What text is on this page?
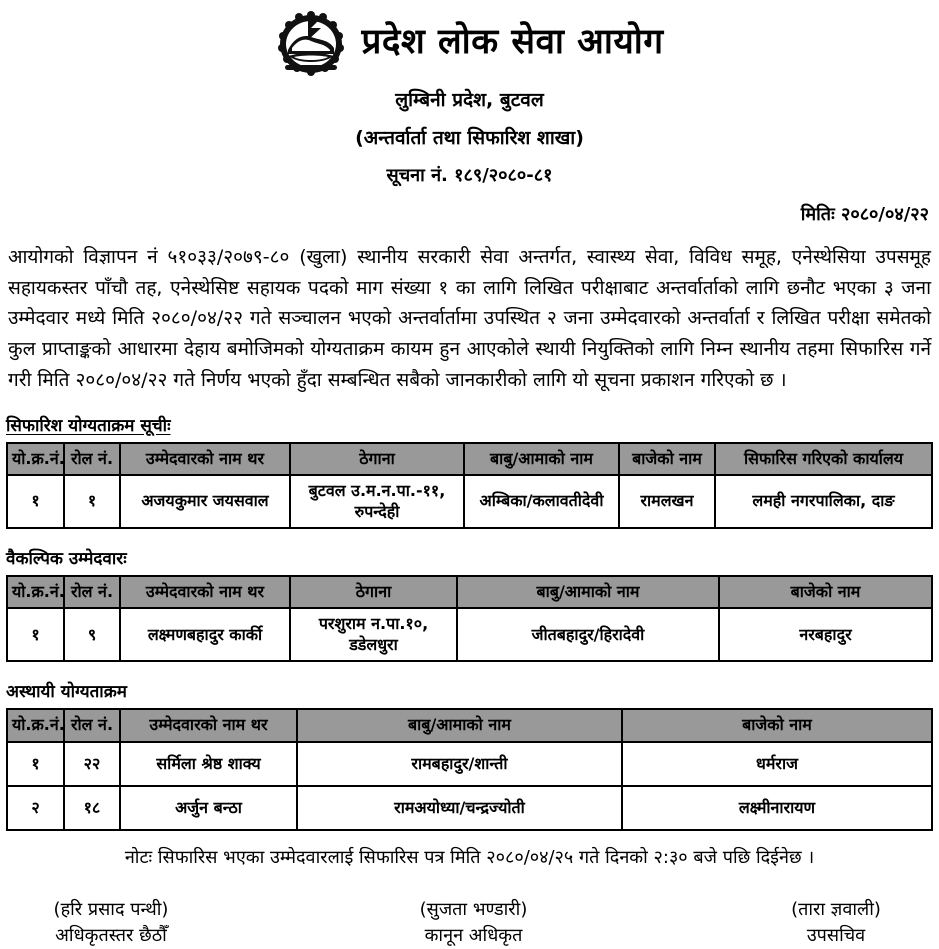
प्रदेश लोक सेवा आयोग
लुम्बिनी प्रदेश, बुटवल
(अन्तर्वार्ता तथा सिफारिश शाखा)
सूचना नं. १८९/२०८०-८१
मितिः २०८०/०४/२२

आयोगको विज्ञापन नं ५१०३३/२०७९-८० (खुला) स्थानीय सरकारी सेवा अन्तर्गत, स्वास्थ्य सेवा, विविध समूह, एनेस्थेसिया उपसमूह सहायकस्तर पाँचौ तह, एनेस्थेसिष्ट सहायक पदको माग संख्या १ का लागि लिखित परीक्षाबाट अन्तर्वार्ताको लागि छनौट भएका ३ जना उम्मेदवार मध्ये मिति २०८०/०४/२२ गते सञ्चालन भएको अन्तर्वार्तामा उपस्थित २ जना उम्मेदवारको अन्तर्वार्ता र लिखित परीक्षा समेतको कुल प्राप्ताङ्कको आधारमा देहाय बमोजिमको योग्यताक्रम कायम हुन आएकोले स्थायी नियुक्तिको लागि निम्न स्थानीय तहमा सिफारिस गर्ने गरी मिति २०८०/०४/२२ गते निर्णय भएको हुँदा सम्बन्धित सबैको जानकारीको लागि यो सूचना प्रकाशन गरिएको छ ।

सिफारिश योग्यताक्रम सूचीः
यो.क्र.नं.	रोल नं.	उम्मेदवारको नाम थर	ठेगाना	बाबु/आमाको नाम	बाजेको नाम	सिफारिस गरिएको कार्यालय
१	१	अजयकुमार जयसवाल	बुटवल उ.म.न.पा.-११, रुपन्देही	अम्बिका/कलावतीदेवी	रामलखन	लमही नगरपालिका, दाङ
वैकल्पिक उम्मेदवारः
यो.क्र.नं.	रोल नं.	उम्मेदवारको नाम थर	ठेगाना	बाबु/आमाको नाम	बाजेको नाम
१	९	लक्ष्मणबहादुर कार्की	परशुराम न.पा.१०, डडेलधुरा	जीतबहादुर/हिरादेवी	नरबहादुर
अस्थायी योग्यताक्रम
यो.क्र.नं.	रोल नं.	उम्मेदवारको नाम थर	बाबु/आमाको नाम	बाजेको नाम
१	२२	सर्मिला श्रेष्ठ शाक्य	रामबहादुर/शान्ती	धर्मराज
२	१८	अर्जुन बन्ठा	रामअयोध्या/चन्द्रज्योती	लक्ष्मीनारायण
नोटः सिफारिस भएका उम्मेदवारलाई सिफारिस पत्र मिति २०८०/०४/२५ गते दिनको २:३० बजे पछि दिईनेछ ।
(हरि प्रसाद पन्थी)
अधिकृतस्तर छैठौँ
(सुजता भण्डारी)
कानून अधिकृत
(तारा ज्ञवाली)
उपसचिव
